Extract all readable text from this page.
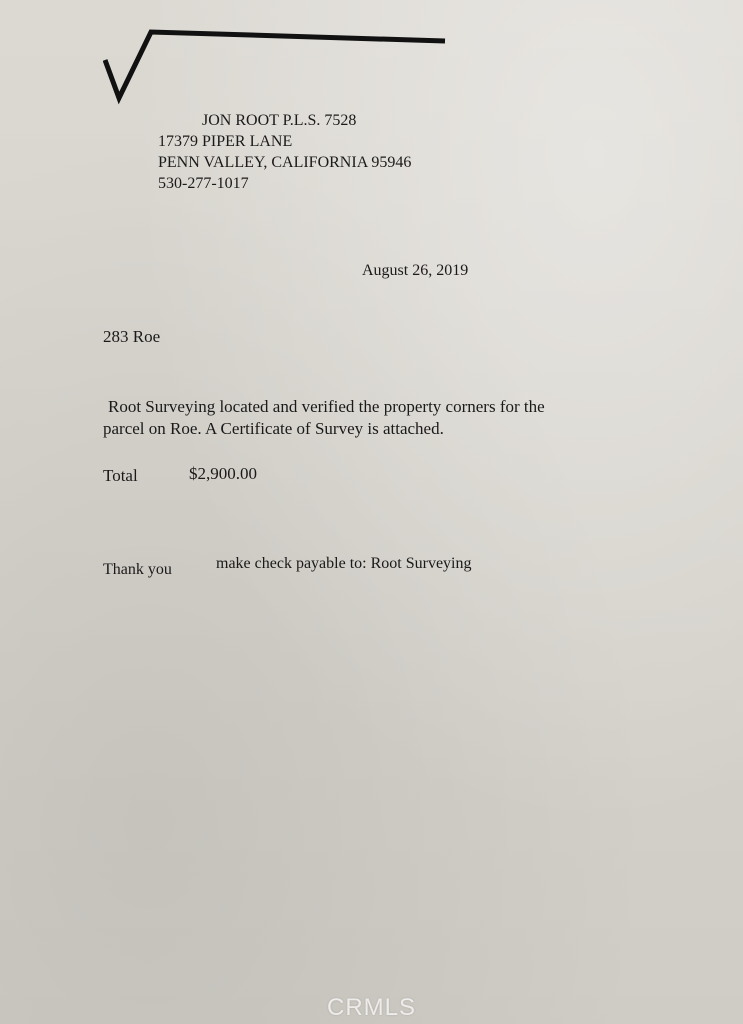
JON ROOT P.L.S. 7528
17379 PIPER LANE
PENN VALLEY, CALIFORNIA 95946
530-277-1017
August 26, 2019
283 Roe
Root Surveying located and verified the property corners for the
parcel on Roe. A Certificate of Survey is attached.
Total	$2,900.00
Thank you	make check payable to: Root Surveying
CRMLS
